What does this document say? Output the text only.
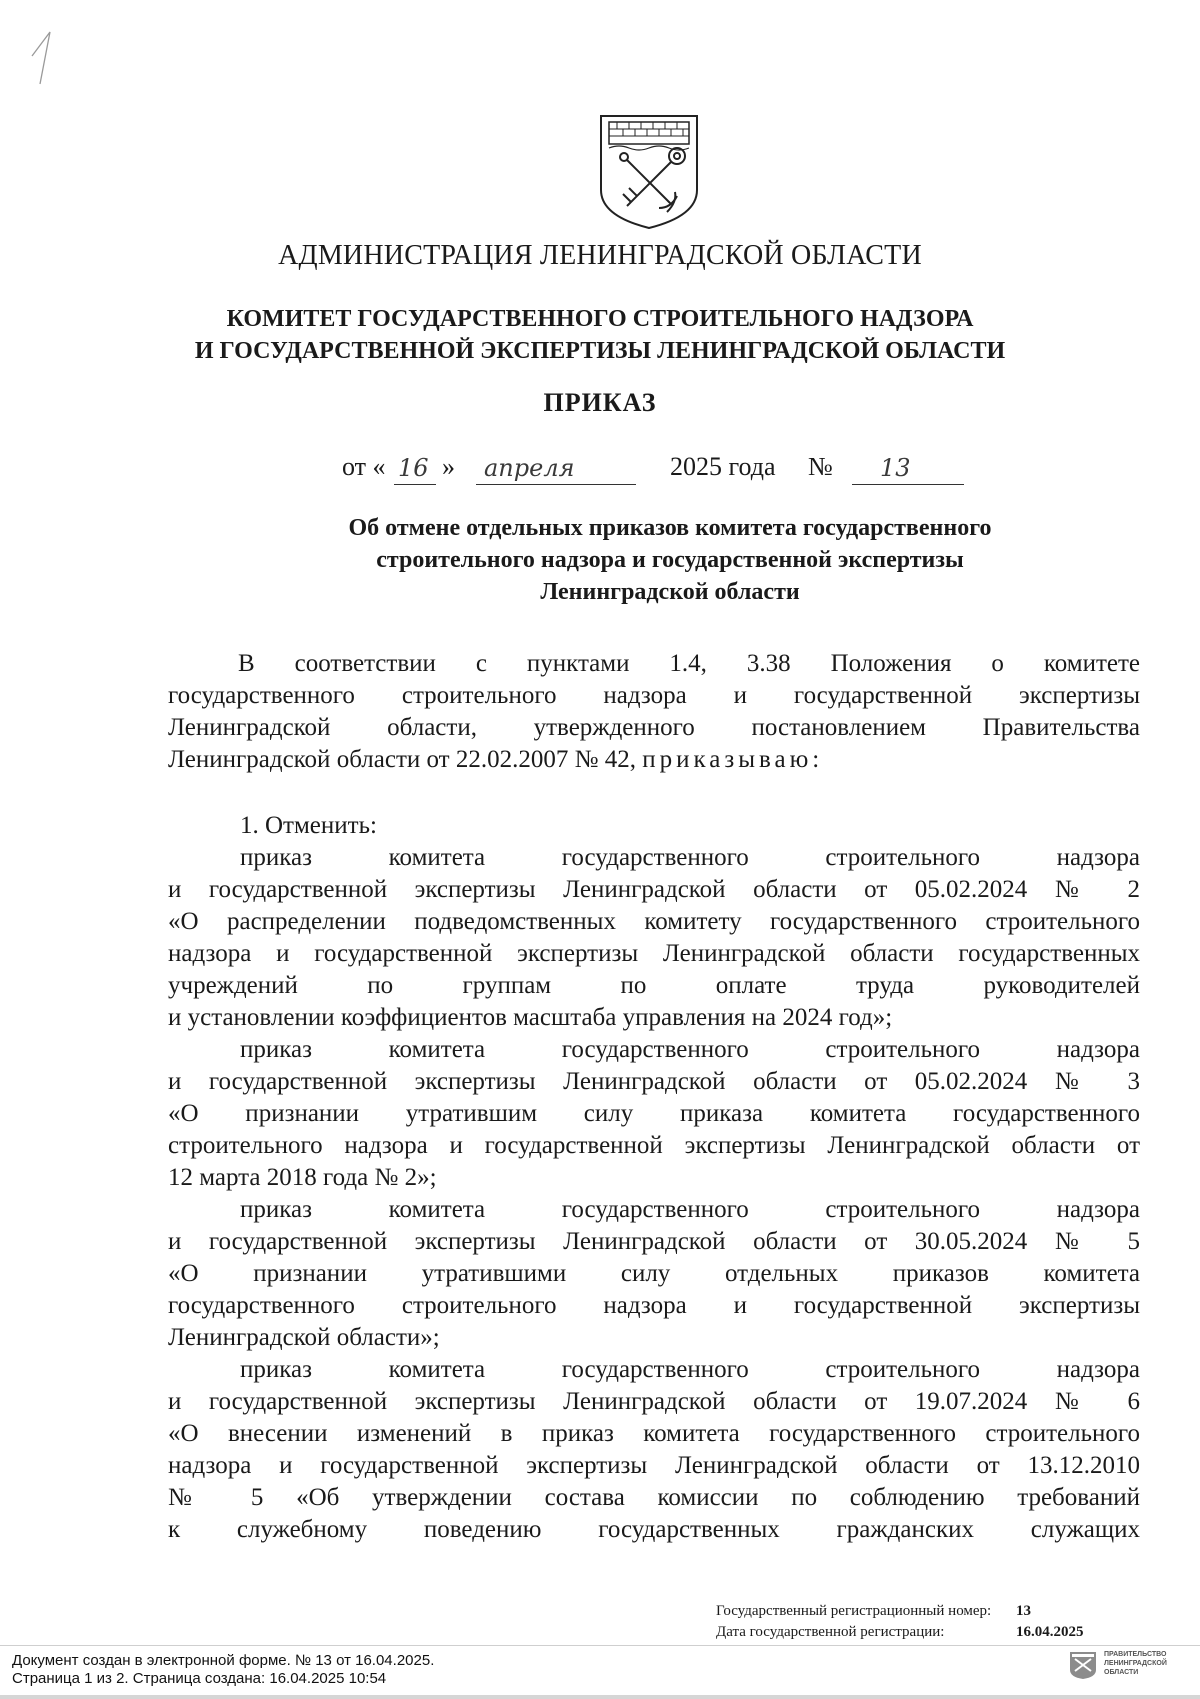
АДМИНИСТРАЦИЯ ЛЕНИНГРАДСКОЙ ОБЛАСТИ
КОМИТЕТ ГОСУДАРСТВЕННОГО СТРОИТЕЛЬНОГО НАДЗОРА
И ГОСУДАРСТВЕННОЙ ЭКСПЕРТИЗЫ ЛЕНИНГРАДСКОЙ ОБЛАСТИ
ПРИКАЗ
от « 16 » апреля	2025 года № 13
Об отмене отдельных приказов комитета государственного
строительного надзора и государственной экспертизы
Ленинградской области

В соответствии с пунктами 1.4, 3.38 Положения о комитете

государственного строительного надзора и государственной экспертизы

Ленинградской области, утвержденного постановлением Правительства

Ленинградской области от 22.02.2007 № 42, приказываю:

1. Отменить:

приказ комитета государственного строительного надзора

и государственной экспертизы Ленинградской области от 05.02.2024 № 2

«О распределении подведомственных комитету государственного строительного

надзора и государственной экспертизы Ленинградской области государственных

учреждений по группам по оплате труда руководителей

и установлении коэффициентов масштаба управления на 2024 год»;

приказ комитета государственного строительного надзора

и государственной экспертизы Ленинградской области от 05.02.2024 № 3

«О признании утратившим силу приказа комитета государственного

строительного надзора и государственной экспертизы Ленинградской области от

12 марта 2018 года № 2»;

приказ комитета государственного строительного надзора

и государственной экспертизы Ленинградской области от 30.05.2024 № 5

«О признании утратившими силу отдельных приказов комитета

государственного строительного надзора и государственной экспертизы

Ленинградской области»;

приказ комитета государственного строительного надзора

и государственной экспертизы Ленинградской области от 19.07.2024 № 6

«О внесении изменений в приказ комитета государственного строительного

надзора и государственной экспертизы Ленинградской области от 13.12.2010

№ 5 «Об утверждении состава комиссии по соблюдению требований

к служебному поведению государственных гражданских служащих

Государственный регистрационный номер: 13
Дата государственной регистрации:	16.04.2025
Документ создан в электронной форме. № 13 от 16.04.2025.
Страница 1 из 2. Страница создана: 16.04.2025 10:54
ПРАВИТЕЛЬСТВО
ЛЕНИНГРАДСКОЙ
ОБЛАСТИ
